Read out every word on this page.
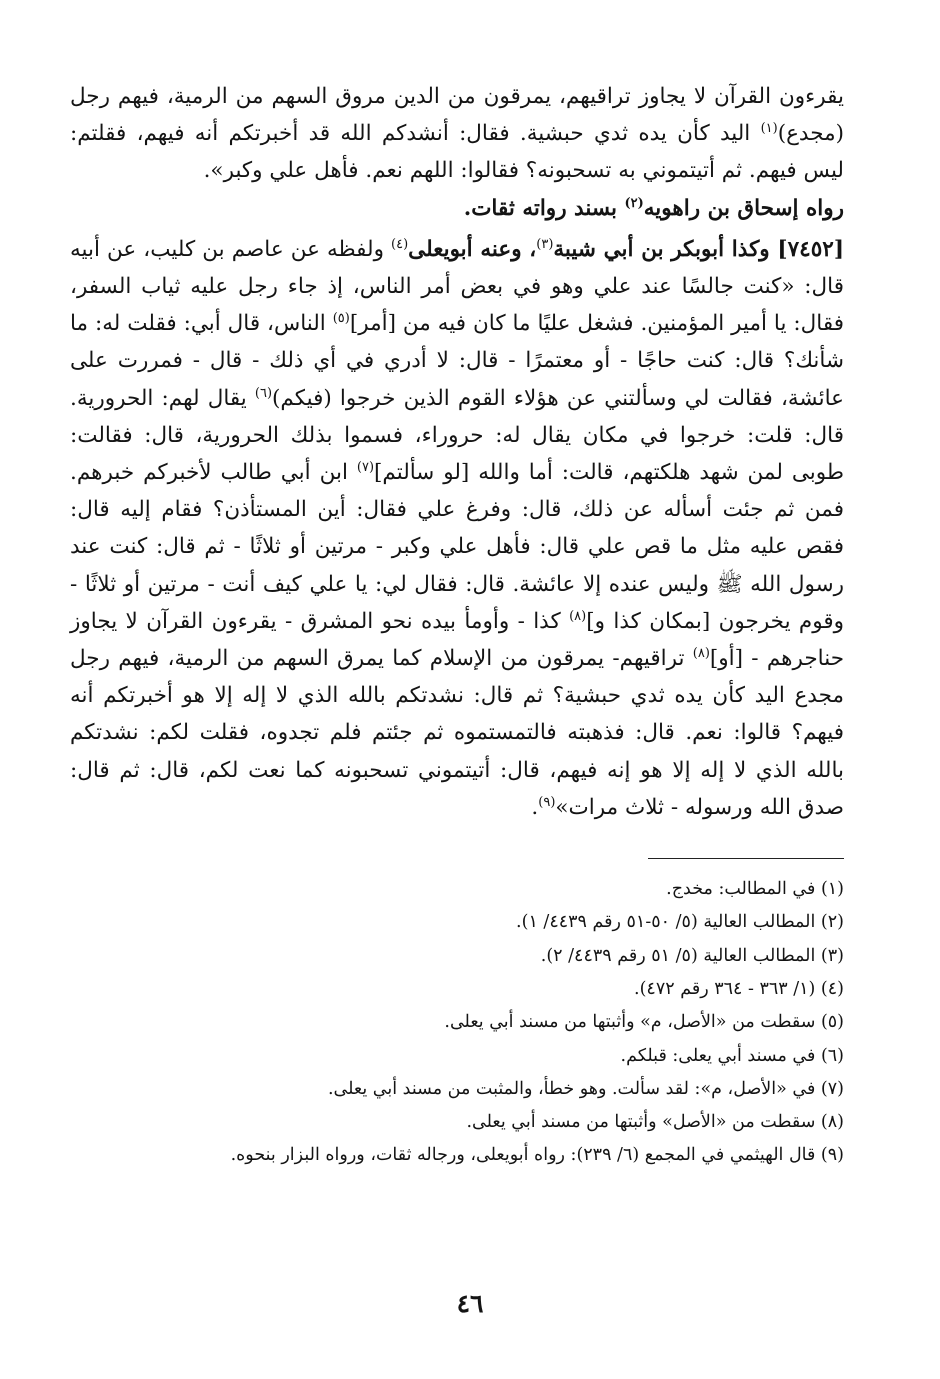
يقرءون القرآن لا يجاوز تراقيهم، يمرقون من الدين مروق السهم من الرمية، فيهم رجل (مجدع)$^{(١)}$ اليد كأن يده ثدي حبشية. فقال: أنشدكم الله قد أخبرتكم أنه فيهم، فقلتم: ليس فيهم. ثم أتيتموني به تسحبونه؟ فقالوا: اللهم نعم. فأهل علي وكبر».

رواه إسحاق بن راهويه$^{(٢)}$ بسند رواته ثقات.

[٧٤٥٢] وكذا أبوبكر بن أبي شيبة$^{(٣)}$، وعنه أبويعلى$^{(٤)}$ ولفظه عن عاصم بن كليب، عن أبيه قال: «كنت جالسًا عند علي وهو في بعض أمر الناس، إذ جاء رجل عليه ثياب السفر، فقال: يا أمير المؤمنين. فشغل عليًا ما كان فيه من [أمر]$^{(٥)}$ الناس، قال أبي: فقلت له: ما شأنك؟ قال: كنت حاجًا - أو معتمرًا - قال: لا أدري في أي ذلك - قال - فمررت على عائشة، فقالت لي وسألتني عن هؤلاء القوم الذين خرجوا (فيكم)$^{(٦)}$ يقال لهم: الحرورية. قال: قلت: خرجوا في مكان يقال له: حروراء، فسموا بذلك الحرورية، قال: فقالت: طوبى لمن شهد هلكتهم، قالت: أما والله [لو سألتم]$^{(٧)}$ ابن أبي طالب لأخبركم خبرهم. فمن ثم جئت أسأله عن ذلك، قال: وفرغ علي فقال: أين المستأذن؟ فقام إليه قال: فقص عليه مثل ما قص علي قال: فأهل علي وكبر - مرتين أو ثلاثًا - ثم قال: كنت عند رسول الله ﷺ وليس عنده إلا عائشة. قال: فقال لي: يا علي كيف أنت - مرتين أو ثلاثًا - وقوم يخرجون [بمكان كذا و]$^{(٨)}$ كذا - وأومأ بيده نحو المشرق - يقرءون القرآن لا يجاوز حناجرهم - [أو]$^{(٨)}$ تراقيهم- يمرقون من الإسلام كما يمرق السهم من الرمية، فيهم رجل مجدع اليد كأن يده ثدي حبشية؟ ثم قال: نشدتكم بالله الذي لا إله إلا هو أخبرتكم أنه فيهم؟ قالوا: نعم. قال: فذهبته فالتمستموه ثم جئتم فلم تجدوه، فقلت لكم: نشدتكم بالله الذي لا إله إلا هو إنه فيهم، قال: أتيتموني تسحبونه كما نعت لكم، قال: ثم قال: صدق الله ورسوله - ثلاث مرات»$^{(٩)}$.

(١) في المطالب: مخدج.
(٢) المطالب العالية (٥/ ٥٠-٥١ رقم ٤٤٣٩/ ١).
(٣) المطالب العالية (٥/ ٥١ رقم ٤٤٣٩/ ٢).
(٤) (١/ ٣٦٣ - ٣٦٤ رقم ٤٧٢).
(٥) سقطت من «الأصل، م» وأثبتها من مسند أبي يعلى.
(٦) في مسند أبي يعلى: قبلكم.
(٧) في «الأصل، م»: لقد سألت. وهو خطأ، والمثبت من مسند أبي يعلى.
(٨) سقطت من «الأصل» وأثبتها من مسند أبي يعلى.
(٩) قال الهيثمي في المجمع (٦/ ٢٣٩): رواه أبويعلى، ورجاله ثقات، ورواه البزار بنحوه.
٤٦
